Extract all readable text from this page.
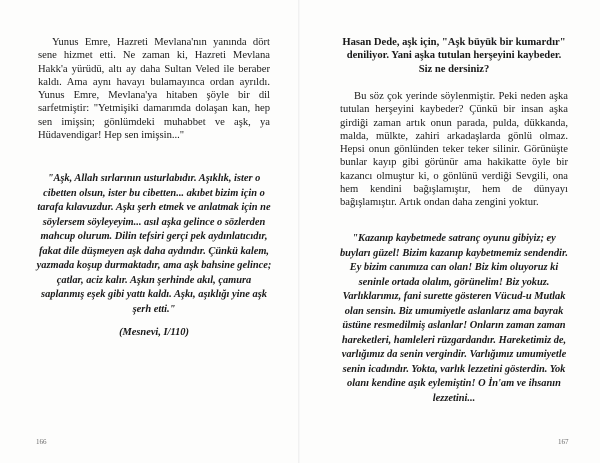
Yunus Emre, Hazreti Mevlana'nın yanında dört sene hizmet etti. Ne zaman ki, Hazreti Mevlana Hakk'a yürüdü, altı ay daha Sultan Veled ile beraber kaldı. Ama aynı havayı bulamayınca ordan ayrıldı. Yunus Emre, Mevlana'ya hitaben şöyle bir dil sarfetmiştir: "Yetmişiki damarımda dolaşan kan, hep sen imişsin; gönlümdeki muhabbet ve aşk, ya Hüdavendigar! Hep sen imişsin..."

"Aşk, Allah sırlarının usturlabıdır. Aşıklık, ister o cibetten olsun, ister bu cibetten... akıbet bizim için o tarafa kılavuzdur. Aşkı şerh etmek ve anlatmak için ne söylersem söyleyeyim... asıl aşka gelince o sözlerden mahcup olurum. Dilin tefsiri gerçi pek aydınlatıcıdır, fakat dile düşmeyen aşk daha aydındır. Çünkü kalem, yazmada koşup durmaktadır, ama aşk bahsine gelince; çatlar, aciz kalır. Aşkın şerhinde akıl, çamura saplanmış eşek gibi yattı kaldı. Aşkı, aşıklığı yine aşk şerh etti."

(Mesnevi, I/110)

166

Hasan Dede, aşk için, "Aşk büyük bir kumardır" deniliyor. Yani aşka tutulan herşeyini kaybeder. Siz ne dersiniz?

Bu söz çok yerinde söylenmiştir. Peki neden aşka tutulan herşeyini kaybeder? Çünkü bir insan aşka girdiği zaman artık onun parada, pulda, dükkanda, malda, mülkte, zahiri arkadaşlarda gönlü olmaz. Hepsi onun gönlünden teker teker silinir. Görünüşte bunlar kayıp gibi görünür ama hakikatte öyle bir kazancı olmuştur ki, o gönlünü verdiği Sevgili, ona hem kendini bağışlamıştır, hem de dünyayı bağışlamıştır. Artık ondan daha zengini yoktur.

"Kazanıp kaybetmede satranç oyunu gibiyiz; ey buyları güzel! Bizim kazanıp kaybetmemiz sendendir. Ey bizim canımıza can olan! Biz kim oluyoruz ki seninle ortada olalım, görünelim! Biz yokuz. Varlıklarımız, fani surette gösteren Vücud-u Mutlak olan sensin. Biz umumiyetle aslanlarız ama bayrak üstüne resmedilmiş aslanlar! Onların zaman zaman hareketleri, hamleleri rüzgardandır. Hareketimiz de, varlığımız da senin vergindir. Varlığımız umumiyetle senin icadındır. Yokta, varlık lezzetini gösterdin. Yok olanı kendine aşık eylemiştin! O İn'am ve ihsanın lezzetini...

167
